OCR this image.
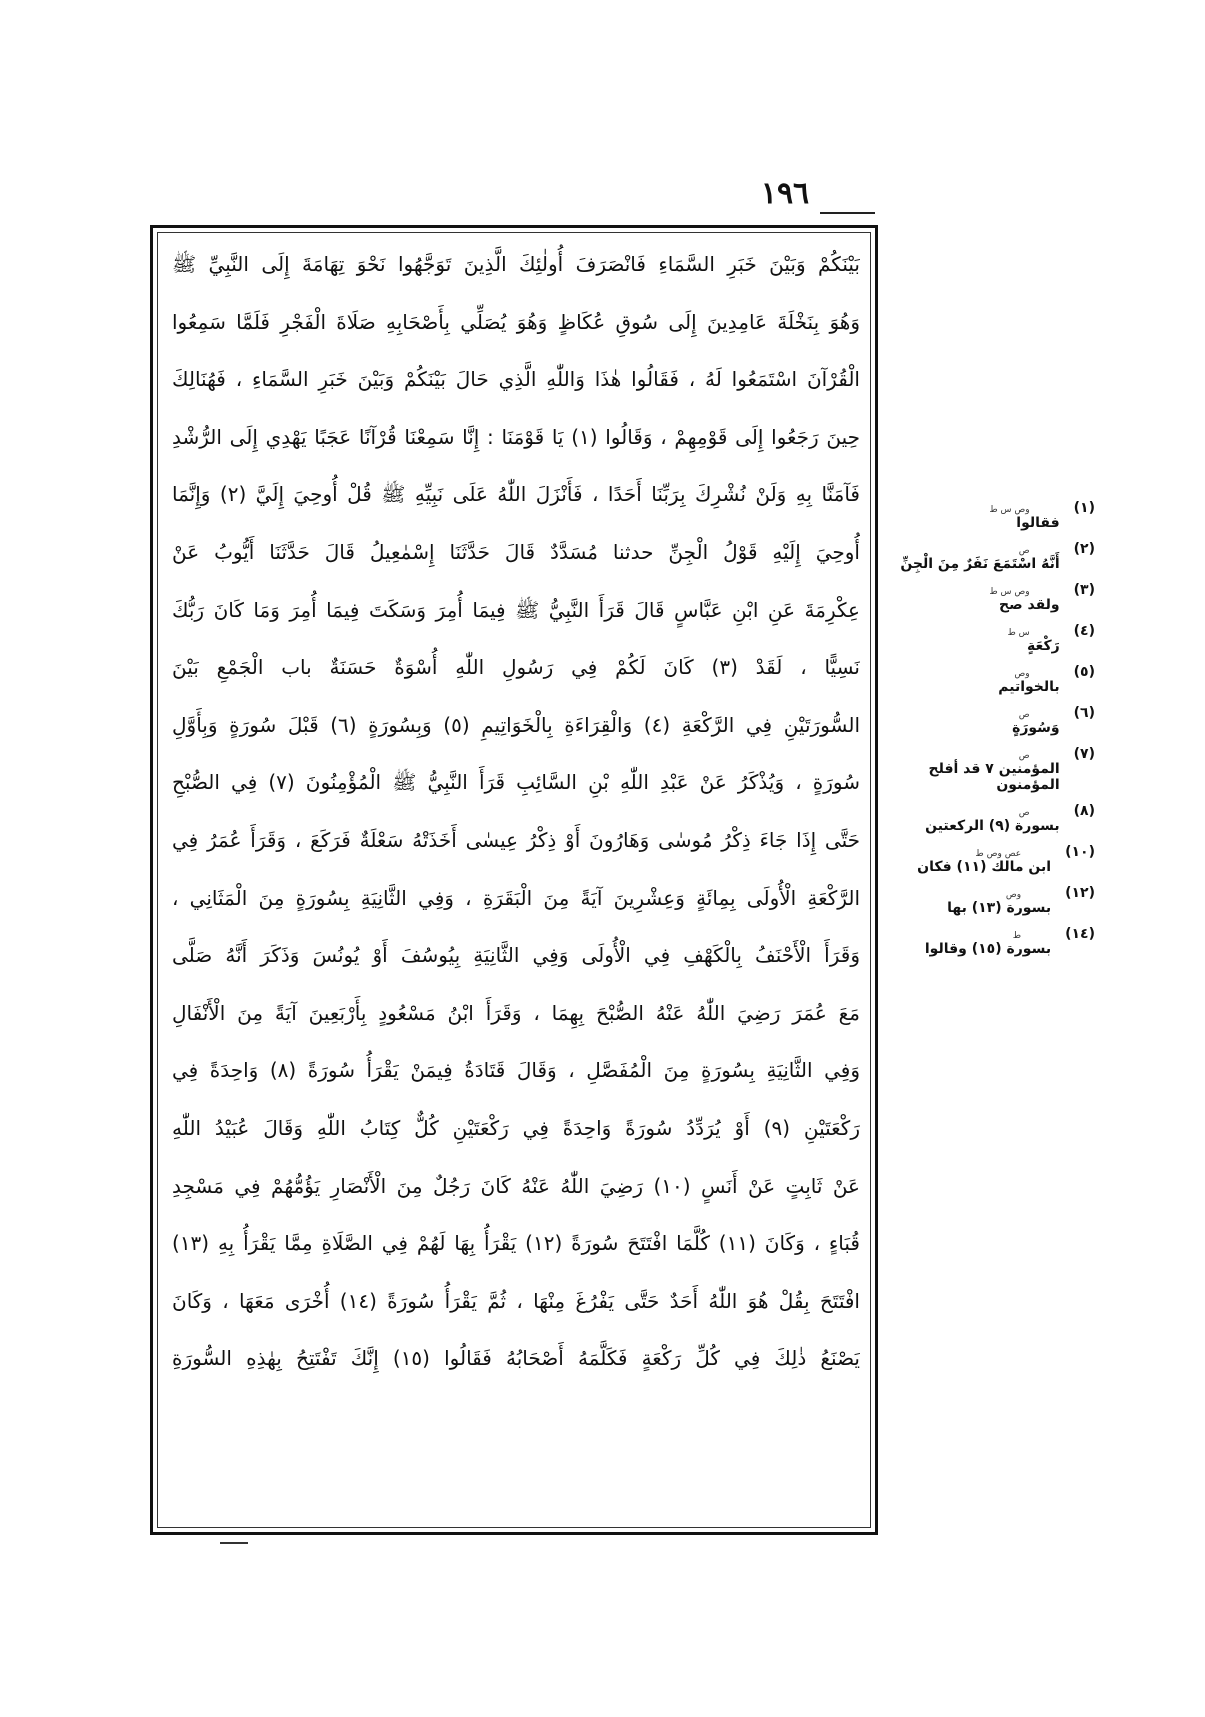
١٩٦
بَيْنَكُمْ وَبَيْنَ خَبَرِ السَّمَاءِ فَانْصَرَفَ أُولٰئِكَ الَّذِينَ تَوَجَّهُوا نَحْوَ تِهَامَةَ إِلَى النَّبِيِّ ﷺ
وَهُوَ بِنَخْلَةَ عَامِدِينَ إِلَى سُوقِ عُكَاظٍ وَهُوَ يُصَلِّي بِأَصْحَابِهِ صَلَاةَ الْفَجْرِ فَلَمَّا سَمِعُوا
الْقُرْآنَ اسْتَمَعُوا لَهُ ، فَقَالُوا هٰذَا وَاللّٰهِ الَّذِي حَالَ بَيْنَكُمْ وَبَيْنَ خَبَرِ السَّمَاءِ ، فَهُنَالِكَ
حِينَ رَجَعُوا إِلَى قَوْمِهِمْ ، وَقَالُوا (١) يَا قَوْمَنَا : إِنَّا سَمِعْنَا قُرْآنًا عَجَبًا يَهْدِي إِلَى الرُّشْدِ
فَآمَنَّا بِهِ وَلَنْ نُشْرِكَ بِرَبِّنَا أَحَدًا ، فَأَنْزَلَ اللّٰهُ عَلَى نَبِيِّهِ ﷺ قُلْ أُوحِيَ إِلَيَّ (٢) وَإِنَّمَا
أُوحِيَ إِلَيْهِ قَوْلُ الْجِنِّ حدثنا مُسَدَّدٌ قَالَ حَدَّثَنَا إِسْمٰعِيلُ قَالَ حَدَّثَنَا أَيُّوبُ عَنْ
عِكْرِمَةَ عَنِ ابْنِ عَبَّاسٍ قَالَ قَرَأَ النَّبِيُّ ﷺ فِيمَا أُمِرَ وَسَكَتَ فِيمَا أُمِرَ وَمَا كَانَ رَبُّكَ
نَسِيًّا ، لَقَدْ (٣) كَانَ لَكُمْ فِي رَسُولِ اللّٰهِ أُسْوَةٌ حَسَنَةٌ باب الْجَمْعِ بَيْنَ
السُّورَتَيْنِ فِي الرَّكْعَةِ (٤) وَالْقِرَاءَةِ بِالْخَوَاتِيمِ (٥) وَبِسُورَةٍ (٦) قَبْلَ سُورَةٍ وَبِأَوَّلِ
سُورَةٍ ، وَيُذْكَرُ عَنْ عَبْدِ اللّٰهِ بْنِ السَّائِبِ قَرَأَ النَّبِيُّ ﷺ الْمُؤْمِنُونَ (٧) فِي الصُّبْحِ
حَتَّى إِذَا جَاءَ ذِكْرُ مُوسٰى وَهَارُونَ أَوْ ذِكْرُ عِيسٰى أَخَذَتْهُ سَعْلَةٌ فَرَكَعَ ، وَقَرَأَ عُمَرُ فِي
الرَّكْعَةِ الْأُولَى بِمِائَةٍ وَعِشْرِينَ آيَةً مِنَ الْبَقَرَةِ ، وَفِي الثَّانِيَةِ بِسُورَةٍ مِنَ الْمَثَانِي ،
وَقَرَأَ الْأَحْنَفُ بِالْكَهْفِ فِي الْأُولَى وَفِي الثَّانِيَةِ بِيُوسُفَ أَوْ يُونُسَ وَذَكَرَ أَنَّهُ صَلَّى
مَعَ عُمَرَ رَضِيَ اللّٰهُ عَنْهُ الصُّبْحَ بِهِمَا ، وَقَرَأَ ابْنُ مَسْعُودٍ بِأَرْبَعِينَ آيَةً مِنَ الْأَنْفَالِ
وَفِي الثَّانِيَةِ بِسُورَةٍ مِنَ الْمُفَصَّلِ ، وَقَالَ قَتَادَةُ فِيمَنْ يَقْرَأُ سُورَةً (٨) وَاحِدَةً فِي
رَكْعَتَيْنِ (٩) أَوْ يُرَدِّدُ سُورَةً وَاحِدَةً فِي رَكْعَتَيْنِ كُلٌّ كِتَابُ اللّٰهِ وَقَالَ عُبَيْدُ اللّٰهِ
عَنْ ثَابِتٍ عَنْ أَنَسٍ (١٠) رَضِيَ اللّٰهُ عَنْهُ كَانَ رَجُلٌ مِنَ الْأَنْصَارِ يَؤُمُّهُمْ فِي مَسْجِدِ
قُبَاءٍ ، وَكَانَ (١١) كُلَّمَا افْتَتَحَ سُورَةً (١٢) يَقْرَأُ بِهَا لَهُمْ فِي الصَّلَاةِ مِمَّا يَقْرَأُ بِهِ (١٣)
افْتَتَحَ بِقُلْ هُوَ اللّٰهُ أَحَدٌ حَتَّى يَفْرُغَ مِنْهَا ، ثُمَّ يَقْرَأُ سُورَةً (١٤) أُخْرَى مَعَهَا ، وَكَانَ
يَصْنَعُ ذٰلِكَ فِي كُلِّ رَكْعَةٍ فَكَلَّمَهُ أَصْحَابُهُ فَقَالُوا (١٥) إِنَّكَ تَفْتَتِحُ بِهٰذِهِ السُّورَةِ
(١)
وص س ط
فقالوا
(٢)
ص
أَنَّهُ اسْتَمَعَ نَفَرٌ مِنَ الْجِنِّ
(٣)
وص س ط
ولقد صح
(٤)
س ط
رَكْعَةٍ
(٥)
وص
بالخواتيم
(٦)
ص
وَسُورَةٍ
(٧)
ص
المؤمنين ٧ قد أفلح المؤمنون
(٨)
ص
بسورة (٩) الركعتين
(١٠)
عص وص ط
ابن مالك (١١) فكان
(١٢)
وص
بسورة (١٣) بها
(١٤)
ط
بسورة (١٥) وقالوا
